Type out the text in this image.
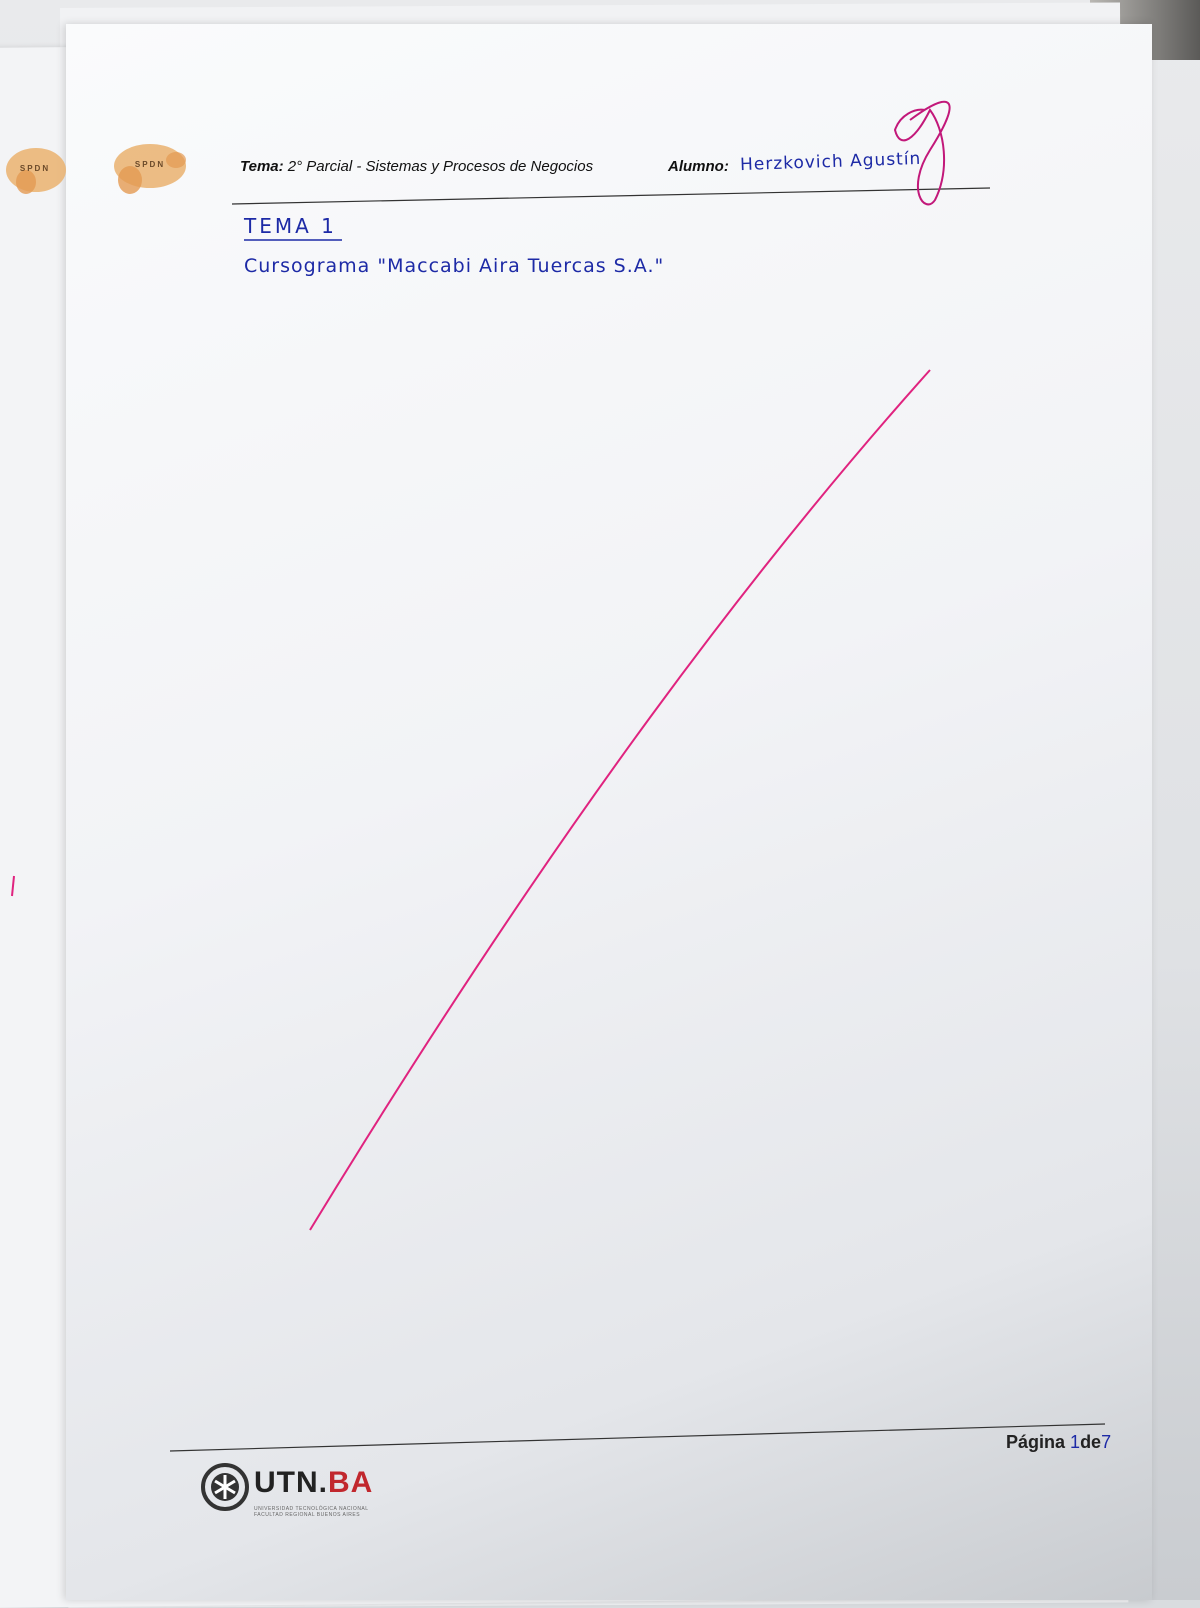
SPDN	SPDN	Tema: 2° Parcial - Sistemas y Procesos de Negocios	Alumno: Herzkovich Agustín
TEMA 1
Cursograma "Maccabi Aira Tuercas S.A."
Página 1de7
UTN.BA
UNIVERSIDAD TECNOLÓGICA NACIONAL FACULTAD REGIONAL BUENOS AIRES
